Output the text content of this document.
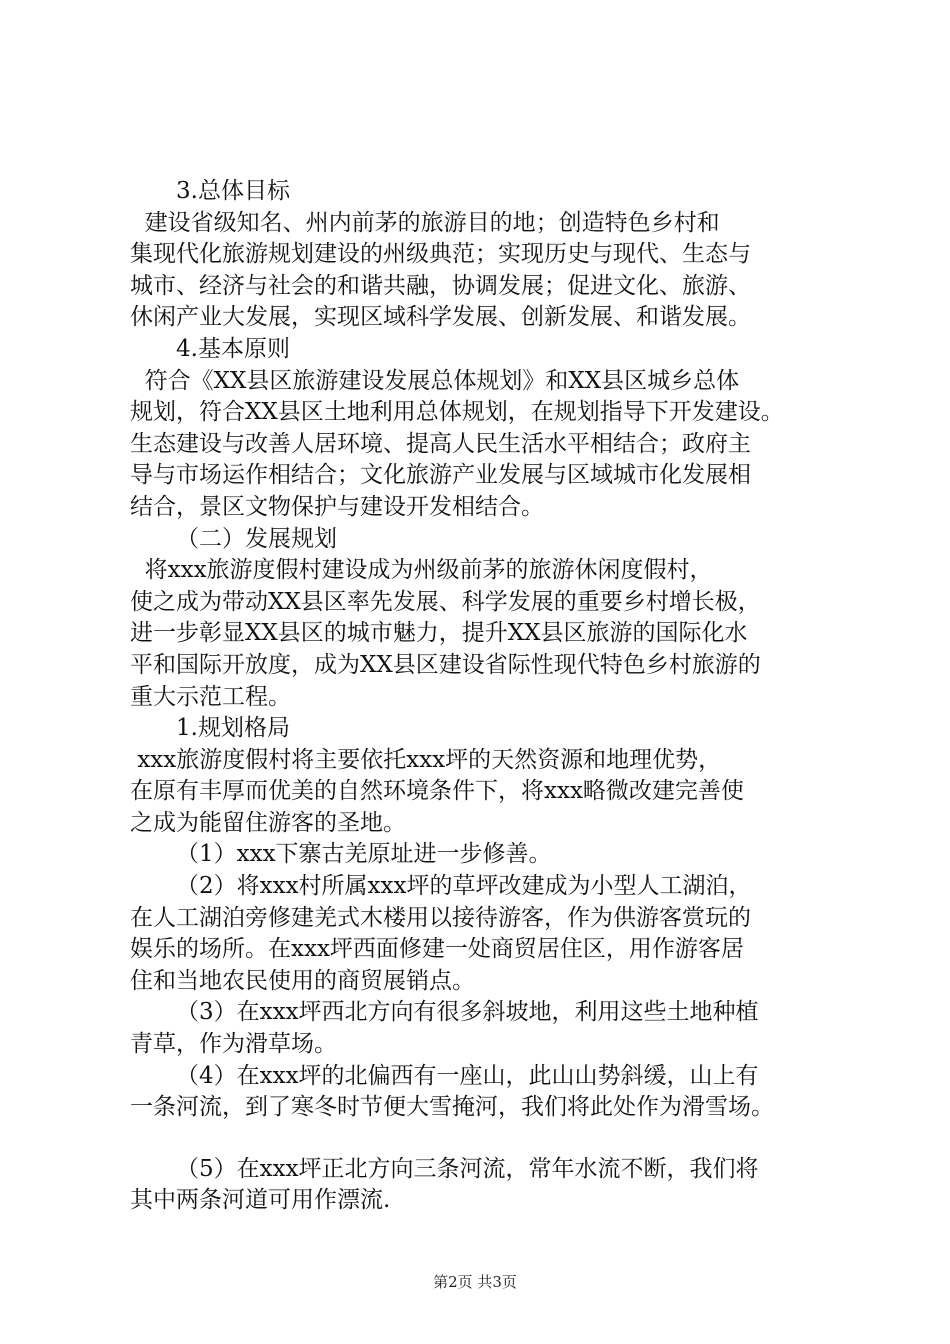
3.总体目标

建设省级知名、州内前茅的旅游目的地；创造特色乡村和

集现代化旅游规划建设的州级典范；实现历史与现代、生态与

城市、经济与社会的和谐共融，协调发展；促进文化、旅游、

休闲产业大发展，实现区域科学发展、创新发展、和谐发展。

4.基本原则

符合《XX县区旅游建设发展总体规划》和XX县区城乡总体

规划，符合XX县区土地利用总体规划，在规划指导下开发建设。

生态建设与改善人居环境、提高人民生活水平相结合；政府主

导与市场运作相结合；文化旅游产业发展与区域城市化发展相

结合，景区文物保护与建设开发相结合。

（二）发展规划

将xxx旅游度假村建设成为州级前茅的旅游休闲度假村，

使之成为带动XX县区率先发展、科学发展的重要乡村增长极，

进一步彰显XX县区的城市魅力，提升XX县区旅游的国际化水

平和国际开放度，成为XX县区建设省际性现代特色乡村旅游的

重大示范工程。

1.规划格局

xxx旅游度假村将主要依托xxx坪的天然资源和地理优势，

在原有丰厚而优美的自然环境条件下，将xxx略微改建完善使

之成为能留住游客的圣地。

（1）xxx下寨古羌原址进一步修善。

（2）将xxx村所属xxx坪的草坪改建成为小型人工湖泊，

在人工湖泊旁修建羌式木楼用以接待游客，作为供游客赏玩的

娱乐的场所。在xxx坪西面修建一处商贸居住区，用作游客居

住和当地农民使用的商贸展销点。

（3）在xxx坪西北方向有很多斜坡地，利用这些土地种植

青草，作为滑草场。

（4）在xxx坪的北偏西有一座山，此山山势斜缓，山上有

一条河流，到了寒冬时节便大雪掩河，我们将此处作为滑雪场。

（5）在xxx坪正北方向三条河流，常年水流不断，我们将

其中两条河道可用作漂流.

第2页 共3页
